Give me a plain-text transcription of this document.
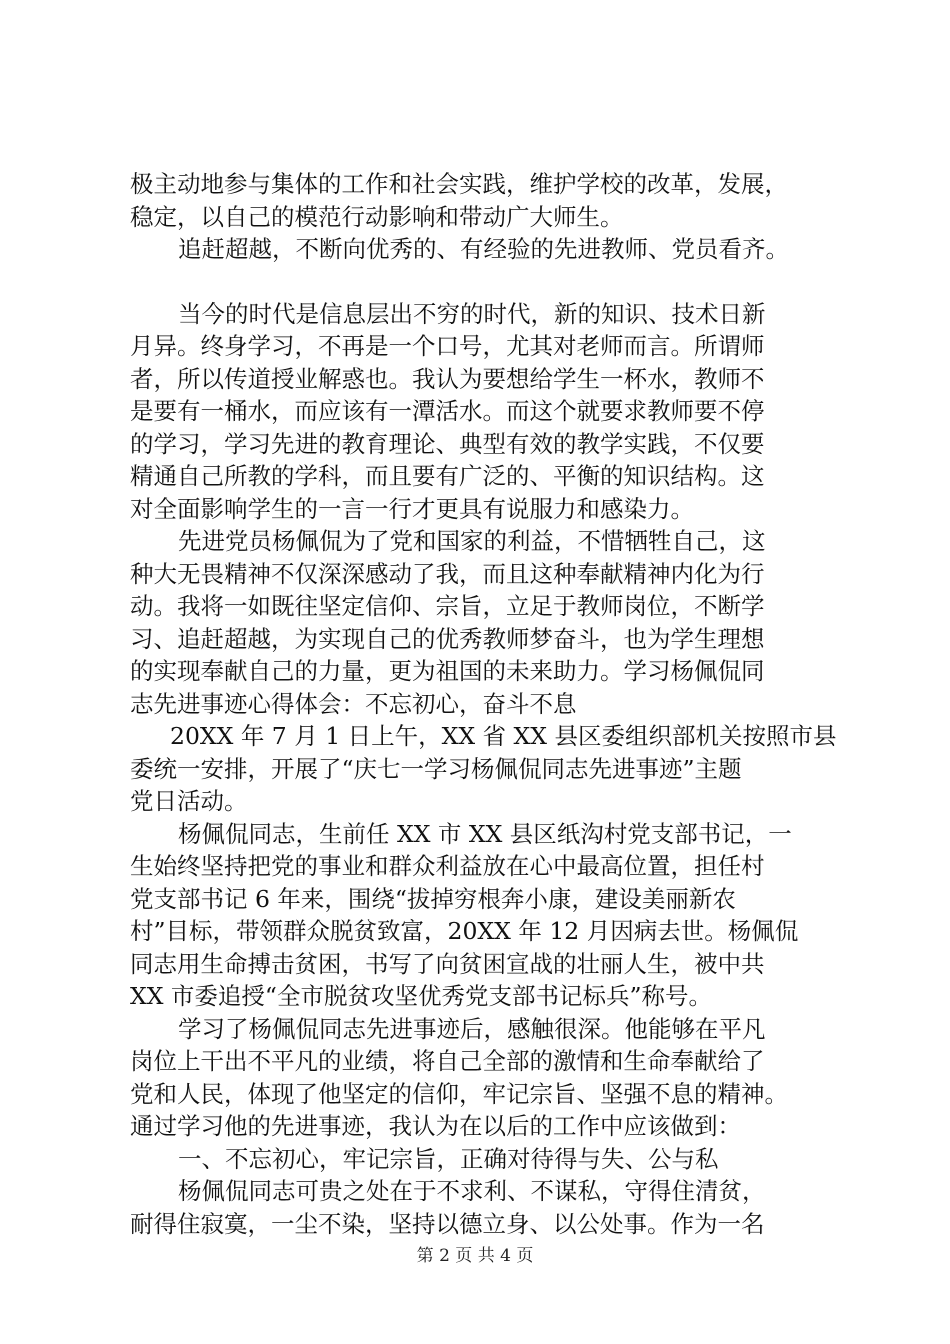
极主动地参与集体的工作和社会实践，维护学校的改革，发展，
稳定，以自己的模范行动影响和带动广大师生。
追赶超越，不断向优秀的、有经验的先进教师、党员看齐。
当今的时代是信息层出不穷的时代，新的知识、技术日新
月异。终身学习，不再是一个口号，尤其对老师而言。所谓师
者，所以传道授业解惑也。我认为要想给学生一杯水，教师不
是要有一桶水，而应该有一潭活水。而这个就要求教师要不停
的学习，学习先进的教育理论、典型有效的教学实践，不仅要
精通自己所教的学科，而且要有广泛的、平衡的知识结构。这
对全面影响学生的一言一行才更具有说服力和感染力。
先进党员杨佩侃为了党和国家的利益，不惜牺牲自己，这
种大无畏精神不仅深深感动了我，而且这种奉献精神内化为行
动。我将一如既往坚定信仰、宗旨，立足于教师岗位，不断学
习、追赶超越，为实现自己的优秀教师梦奋斗，也为学生理想
的实现奉献自己的力量，更为祖国的未来助力。学习杨佩侃同
志先进事迹心得体会：不忘初心，奋斗不息
20XX 年 7 月 1 日上午，XX 省 XX 县区委组织部机关按照市县
委统一安排，开展了“庆七一学习杨佩侃同志先进事迹”主题
党日活动。
杨佩侃同志，生前任 XX 市 XX 县区纸沟村党支部书记，一
生始终坚持把党的事业和群众利益放在心中最高位置，担任村
党支部书记 6 年来，围绕“拔掉穷根奔小康，建设美丽新农
村”目标，带领群众脱贫致富，20XX 年 12 月因病去世。杨佩侃
同志用生命搏击贫困，书写了向贫困宣战的壮丽人生，被中共
XX 市委追授“全市脱贫攻坚优秀党支部书记标兵”称号。
学习了杨佩侃同志先进事迹后，感触很深。他能够在平凡
岗位上干出不平凡的业绩，将自己全部的激情和生命奉献给了
党和人民，体现了他坚定的信仰，牢记宗旨、坚强不息的精神。
通过学习他的先进事迹，我认为在以后的工作中应该做到：
一、不忘初心，牢记宗旨，正确对待得与失、公与私
杨佩侃同志可贵之处在于不求利、不谋私，守得住清贫，
耐得住寂寞，一尘不染，坚持以德立身、以公处事。作为一名
第 2 页 共 4 页
